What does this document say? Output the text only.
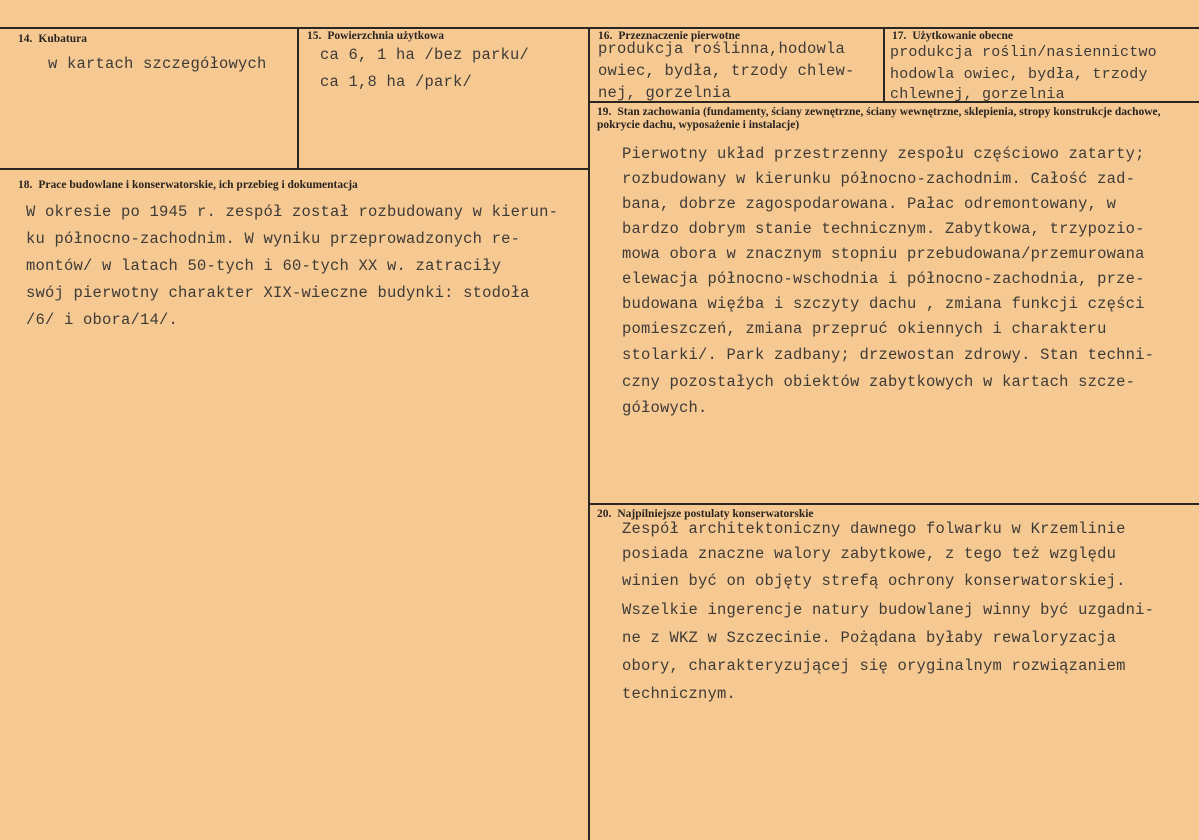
14. Kubatura
w kartach szczegółowych
15. Powierzchnia użytkowa
ca 6, 1 ha /bez parku/
ca 1,8 ha /park/
16. Przeznaczenie pierwotne
produkcja roślinna,hodowla
owiec, bydła, trzody chlew-
nej, gorzelnia
17. Użytkowanie obecne
produkcja roślin/nasiennictwo
hodowla owiec, bydła, trzody
chlewnej, gorzelnia
18. Prace budowlane i konserwatorskie, ich przebieg i dokumentacja
W okresie po 1945 r. zespół został rozbudowany w kierun-
ku północno-zachodnim. W wyniku przeprowadzonych re-
montów/ w latach 50-tych i 60-tych XX w. zatraciły
swój pierwotny charakter XIX-wieczne budynki: stodoła
/6/ i obora/14/.
19. Stan zachowania (fundamenty, ściany zewnętrzne, ściany wewnętrzne, sklepienia, stropy konstrukcje dachowe, pokrycie dachu, wyposażenie i instalacje)
Pierwotny układ przestrzenny zespołu częściowo zatarty;
rozbudowany w kierunku północno-zachodnim. Całość zad-
bana, dobrze zagospodarowana. Pałac odremontowany, w
bardzo dobrym stanie technicznym. Zabytkowa, trzypozio-
mowa obora w znacznym stopniu przebudowana/przemurowana
elewacja północno-wschodnia i północno-zachodnia, prze-
budowana więźba i szczyty dachu , zmiana funkcji części
pomieszczeń, zmiana przepruć okiennych i charakteru
stolarki/. Park zadbany; drzewostan zdrowy. Stan techni-
czny pozostałych obiektów zabytkowych w kartach szcze-
gółowych.
20. Najpilniejsze postulaty konserwatorskie
Zespół architektoniczny dawnego folwarku w Krzemlinie
posiada znaczne walory zabytkowe, z tego też względu
winien być on objęty strefą ochrony konserwatorskiej.
Wszelkie ingerencje natury budowlanej winny być uzgadni-
ne z WKZ w Szczecinie. Pożądana byłaby rewaloryzacja
obory, charakteryzującej się oryginalnym rozwiązaniem
technicznym.
